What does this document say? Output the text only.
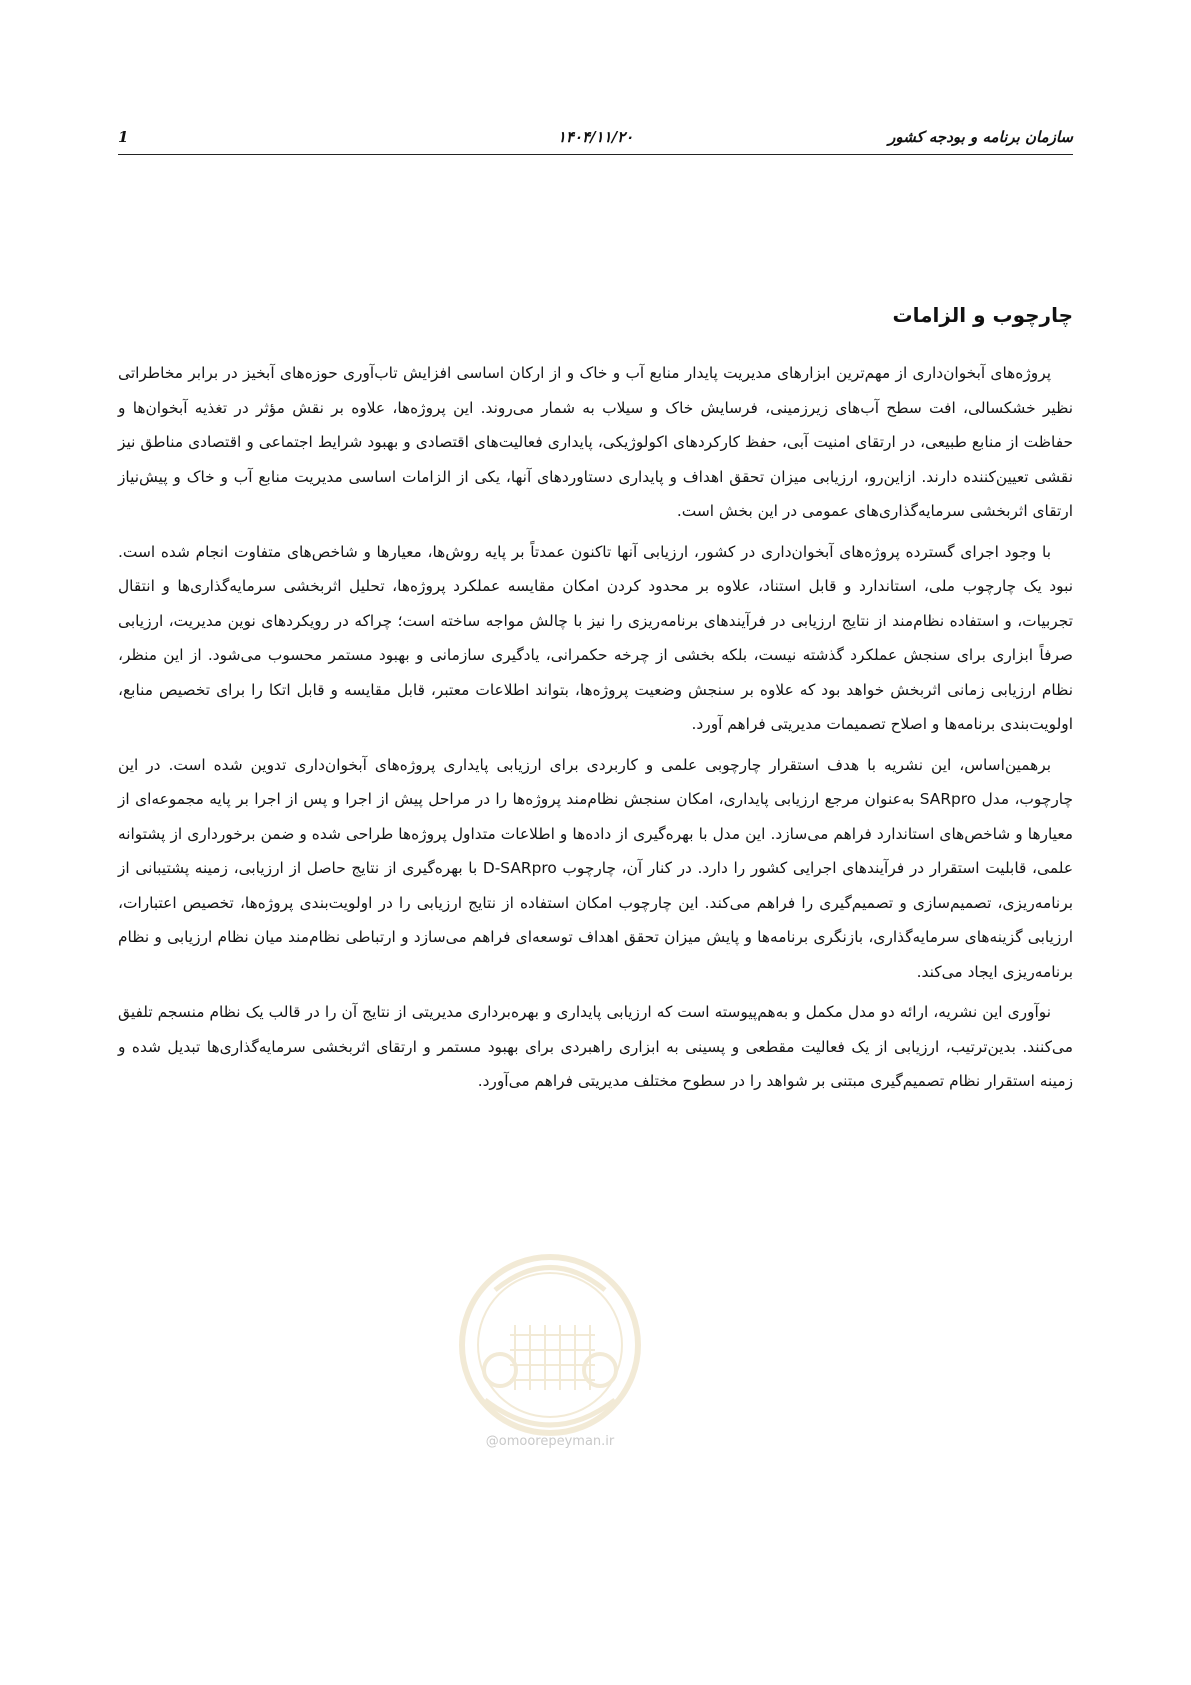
سازمان برنامه و بودجه کشور
۱۴۰۴/۱۱/۲۰
1
چارچوب و الزامات

پروژه‌های آبخوان‌داری از مهم‌ترین ابزارهای مدیریت پایدار منابع آب و خاک و از ارکان اساسی افزایش تاب‌آوری حوزه‌های آبخیز در برابر مخاطراتی نظیر خشکسالی، افت سطح آب‌های زیرزمینی، فرسایش خاک و سیلاب به شمار می‌روند. این پروژه‌ها، علاوه بر نقش مؤثر در تغذیه آبخوان‌ها و حفاظت از منابع طبیعی، در ارتقای امنیت آبی، حفظ کارکردهای اکولوژیکی، پایداری فعالیت‌های اقتصادی و بهبود شرایط اجتماعی و اقتصادی مناطق نیز نقشی تعیین‌کننده دارند. ازاین‌رو، ارزیابی میزان تحقق اهداف و پایداری دستاوردهای آنها، یکی از الزامات اساسی مدیریت منابع آب و خاک و پیش‌نیاز ارتقای اثربخشی سرمایه‌گذاری‌های عمومی در این بخش است.

با وجود اجرای گسترده پروژه‌های آبخوان‌داری در کشور، ارزیابی آنها تاکنون عمدتاً بر پایه روش‌ها، معیارها و شاخص‌های متفاوت انجام شده است. نبود یک چارچوب ملی، استاندارد و قابل استناد، علاوه بر محدود کردن امکان مقایسه عملکرد پروژه‌ها، تحلیل اثربخشی سرمایه‌گذاری‌ها و انتقال تجربیات، و استفاده نظام‌مند از نتایج ارزیابی در فرآیندهای برنامه‌ریزی را نیز با چالش مواجه ساخته است؛ چراکه در رویکردهای نوین مدیریت، ارزیابی صرفاً ابزاری برای سنجش عملکرد گذشته نیست، بلکه بخشی از چرخه حکمرانی، یادگیری سازمانی و بهبود مستمر محسوب می‌شود. از این منظر، نظام ارزیابی زمانی اثربخش خواهد بود که علاوه بر سنجش وضعیت پروژه‌ها، بتواند اطلاعات معتبر، قابل مقایسه و قابل اتکا را برای تخصیص منابع، اولویت‌بندی برنامه‌ها و اصلاح تصمیمات مدیریتی فراهم آورد.

برهمین‌اساس، این نشریه با هدف استقرار چارچوبی علمی و کاربردی برای ارزیابی پایداری پروژه‌های آبخوان‌داری تدوین شده است. در این چارچوب، مدل SARpro به‌عنوان مرجع ارزیابی پایداری، امکان سنجش نظام‌مند پروژه‌ها را در مراحل پیش از اجرا و پس از اجرا بر پایه مجموعه‌ای از معیارها و شاخص‌های استاندارد فراهم می‌سازد. این مدل با بهره‌گیری از داده‌ها و اطلاعات متداول پروژه‌ها طراحی شده و ضمن برخورداری از پشتوانه علمی، قابلیت استقرار در فرآیندهای اجرایی کشور را دارد. در کنار آن، چارچوب D-SARpro با بهره‌گیری از نتایج حاصل از ارزیابی، زمینه پشتیبانی از برنامه‌ریزی، تصمیم‌سازی و تصمیم‌گیری را فراهم می‌کند. این چارچوب امکان استفاده از نتایج ارزیابی را در اولویت‌بندی پروژه‌ها، تخصیص اعتبارات، ارزیابی گزینه‌های سرمایه‌گذاری، بازنگری برنامه‌ها و پایش میزان تحقق اهداف توسعه‌ای فراهم می‌سازد و ارتباطی نظام‌مند میان نظام ارزیابی و نظام برنامه‌ریزی ایجاد می‌کند.

نوآوری این نشریه، ارائه دو مدل مکمل و به‌هم‌پیوسته است که ارزیابی پایداری و بهره‌برداری مدیریتی از نتایج آن را در قالب یک نظام منسجم تلفیق می‌کنند. بدین‌ترتیب، ارزیابی از یک فعالیت مقطعی و پسینی به ابزاری راهبردی برای بهبود مستمر و ارتقای اثربخشی سرمایه‌گذاری‌ها تبدیل شده و زمینه استقرار نظام تصمیم‌گیری مبتنی بر شواهد را در سطوح مختلف مدیریتی فراهم می‌آورد.

@omoorepeyman.ir
